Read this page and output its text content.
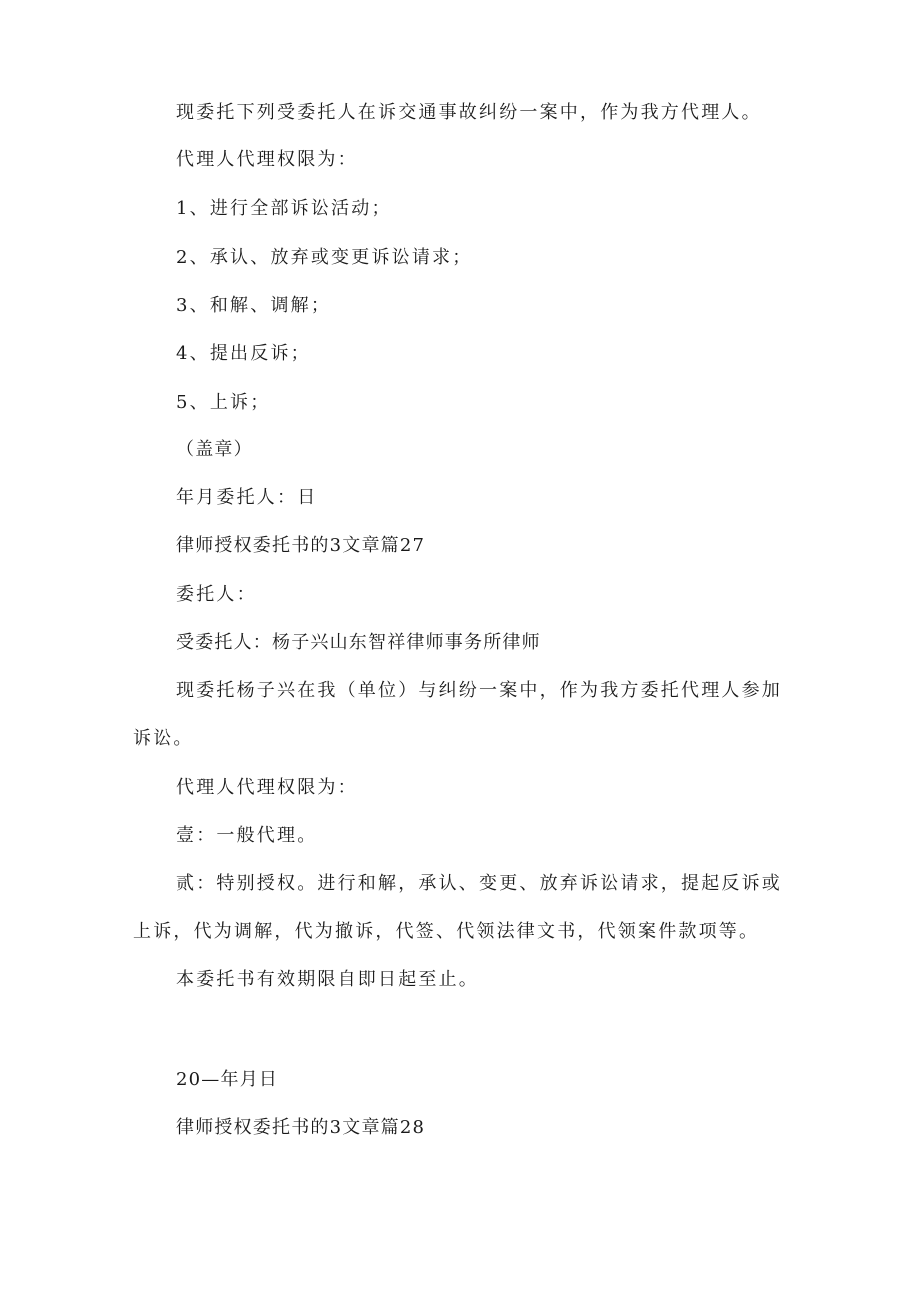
现委托下列受委托人在诉交通事故纠纷一案中，作为我方代理人。
代理人代理权限为：
1、进行全部诉讼活动；
2、承认、放弃或变更诉讼请求；
3、和解、调解；
4、提出反诉；
5、上诉；
（盖章）
年月委托人：日
律师授权委托书的3文章篇27
委托人：
受委托人：杨子兴山东智祥律师事务所律师
现委托杨子兴在我（单位）与纠纷一案中，作为我方委托代理人参加
诉讼。
代理人代理权限为：
壹：一般代理。
贰：特别授权。进行和解，承认、变更、放弃诉讼请求，提起反诉或
上诉，代为调解，代为撤诉，代签、代领法律文书，代领案件款项等。
本委托书有效期限自即日起至止。
20—年月日
律师授权委托书的3文章篇28
